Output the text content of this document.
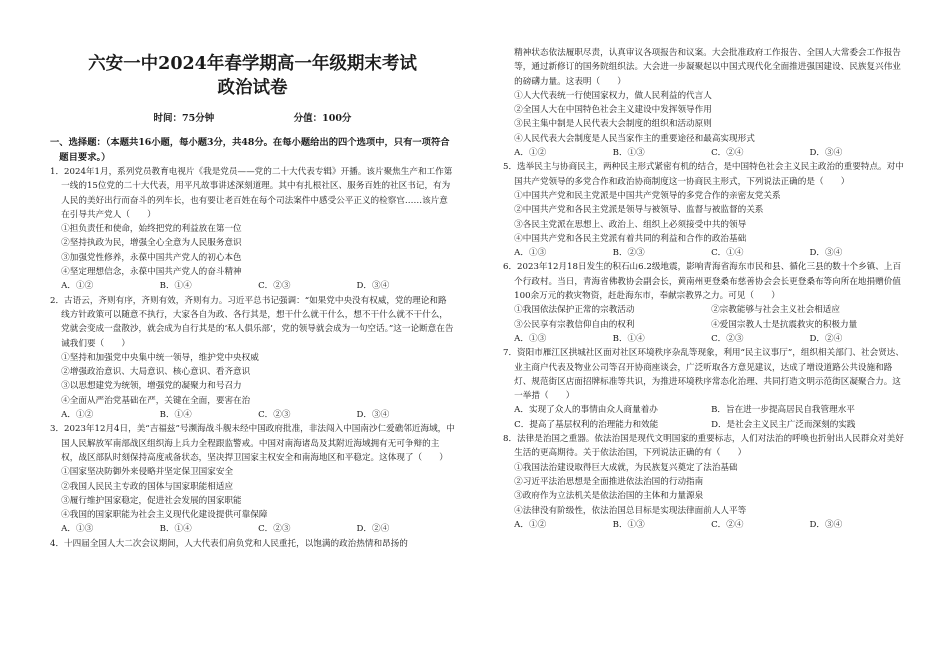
六安一中2024年春学期高一年级期末考试
政治试卷
时间：75分钟	分值：100分
一、选择题：（本题共16小题，每小题3分，共48分。在每小题给出的四个选项中，只有一项符合题目要求。）
1．2024年1月，系列党员教育电视片《我是党员——党的二十大代表专辑》开播。该片聚焦生产和工作第一线的15位党的二十大代表，用平凡故事讲述深刻道理。其中有扎根社区、服务百姓的社区书记，有为人民的美好出行而奋斗的列车长，也有要让老百姓在每个司法案件中感受公平正义的检察官……该片意在引导共产党人（　　）
①担负责任和使命，始终把党的利益放在第一位
②坚持执政为民，增强全心全意为人民服务意识
③加强党性修养，永葆中国共产党人的初心本色
④坚定理想信念，永葆中国共产党人的奋斗精神
A．①②	B．①④	C．②③	D．③④
2．古语云，齐则有序，齐则有效，齐则有力。习近平总书记强调：“如果党中央没有权威，党的理论和路线方针政策可以随意不执行，大家各自为政、各行其是，想干什么就干什么，想不干什么就不干什么，党就会变成一盘散沙，就会成为自行其是的‘私人俱乐部’，党的领导就会成为一句空话。”这一论断意在告诫我们要（　　）
①坚持和加强党中央集中统一领导，维护党中央权威
②增强政治意识、大局意识、核心意识、看齐意识
③以思想建党为统领，增强党的凝聚力和号召力
④全面从严治党基础在严，关键在全面，要害在治
A．①②	B．①④	C．②③	D．③④
3．2023年12月4日，美“吉福兹”号濒海战斗舰未经中国政府批准，非法闯入中国南沙仁爱礁邻近海域，中国人民解放军南部战区组织海上兵力全程跟监警戒。中国对南海诸岛及其附近海域拥有无可争辩的主权，战区部队时刻保持高度戒备状态，坚决捍卫国家主权安全和南海地区和平稳定。这体现了（　　）
①国家坚决防御外来侵略并坚定保卫国家安全
②我国人民民主专政的国体与国家职能相适应
③履行维护国家稳定，促进社会发展的国家职能
④我国的国家职能为社会主义现代化建设提供可靠保障
A．①③	B．①④	C．②③	D．②④
4．十四届全国人大二次会议期间，人大代表们肩负党和人民重托，以饱满的政治热情和昂扬的
精神状态依法履职尽责，认真审议各项报告和议案。大会批准政府工作报告、全国人大常委会工作报告等，通过新修订的国务院组织法。大会进一步凝聚起以中国式现代化全面推进强国建设、民族复兴伟业的磅礴力量。这表明（　　）
①人大代表统一行使国家权力，做人民利益的代言人
②全国人大在中国特色社会主义建设中发挥领导作用
③民主集中制是人民代表大会制度的组织和活动原则
④人民代表大会制度是人民当家作主的重要途径和最高实现形式
A．①②	B．①③	C．②④	D．③④
5．选举民主与协商民主，两种民主形式紧密有机的结合，是中国特色社会主义民主政治的重要特点。对中国共产党领导的多党合作和政治协商制度这一协商民主形式，下列说法正确的是（　　）
①中国共产党和民主党派是中国共产党领导的多党合作的亲密友党关系
②中国共产党和各民主党派是领导与被领导、监督与被监督的关系
③各民主党派在思想上、政治上、组织上必须接受中共的领导
④中国共产党和各民主党派有着共同的利益和合作的政治基础
A．①③	B．②③	C．①④	D．③④
6．2023年12月18日发生的积石山6.2级地震，影响青海省海东市民和县、循化三县的数十个乡镇、上百个行政村。当日，青海省佛教协会副会长，黄南州更登桑布慈善协会会长更登桑布等向所在地捐赠价值100余万元的救灾物资，赶赴海东市，奉献宗教界之力。可见（　　）
①我国依法保护正常的宗教活动	②宗教能够与社会主义社会相适应
③公民享有宗教信仰自由的权利	④爱国宗教人士是抗震救灾的积极力量
A．①③	B．①④	C．②③	D．②④
7．资阳市雁江区拱城社区面对社区环境秩序杂乱等现象，利用“民主议事厅”，组织相关部门、社会贤达、业主商户代表及物业公司等召开协商座谈会，广泛听取各方意见建议，达成了增设道路公共设施和路灯、规范街区店面招牌标准等共识，为推进环境秩序常态化治理、共同打造文明示范街区凝聚合力。这一举措（　　）
A．实现了众人的事情由众人商量着办	B．旨在进一步提高居民自我管理水平
C．提高了基层权利的治理能力和效能	D．是社会主义民主广泛而深刻的实践
8．法律是治国之重器。依法治国是现代文明国家的重要标志，人们对法治的呼唤也折射出人民群众对美好生活的更高期待。关于依法治国，下列说法正确的有（　　）
①我国法治建设取得巨大成就，为民族复兴奠定了法治基础
②习近平法治思想是全面推进依法治国的行动指南
③政府作为立法机关是依法治国的主体和力量源泉
④法律没有阶级性，依法治国总目标是实现法律面前人人平等
A．①②	B．①③	C．②④	D．③④
